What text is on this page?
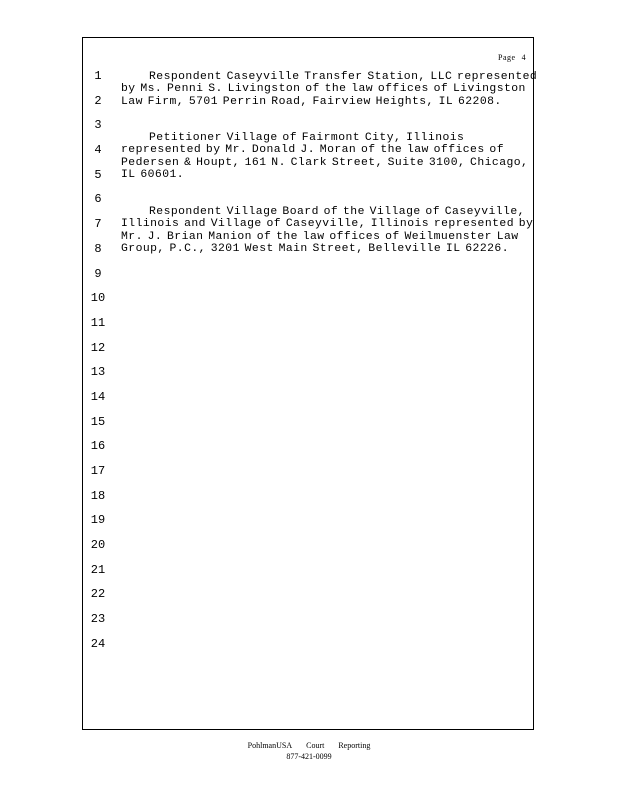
Page 4
1
2
3
4
5
6
7
8
9
10
11
12
13
14
15
16
17
18
19
20
21
22
23
24
Respondent Caseyville Transfer Station, LLC represented
by Ms. Penni S. Livingston of the law offices of Livingston
Law Firm, 5701 Perrin Road, Fairview Heights, IL 62208.
Petitioner Village of Fairmont City, Illinois
represented by Mr. Donald J. Moran of the law offices of
Pedersen & Houpt, 161 N. Clark Street, Suite 3100, Chicago,
IL 60601.
Respondent Village Board of the Village of Caseyville,
Illinois and Village of Caseyville, Illinois represented by
Mr. J. Brian Manion of the law offices of Weilmuenster Law
Group, P.C., 3201 West Main Street, Belleville IL 62226.
PohlmanUSA Court Reporting
877-421-0099
